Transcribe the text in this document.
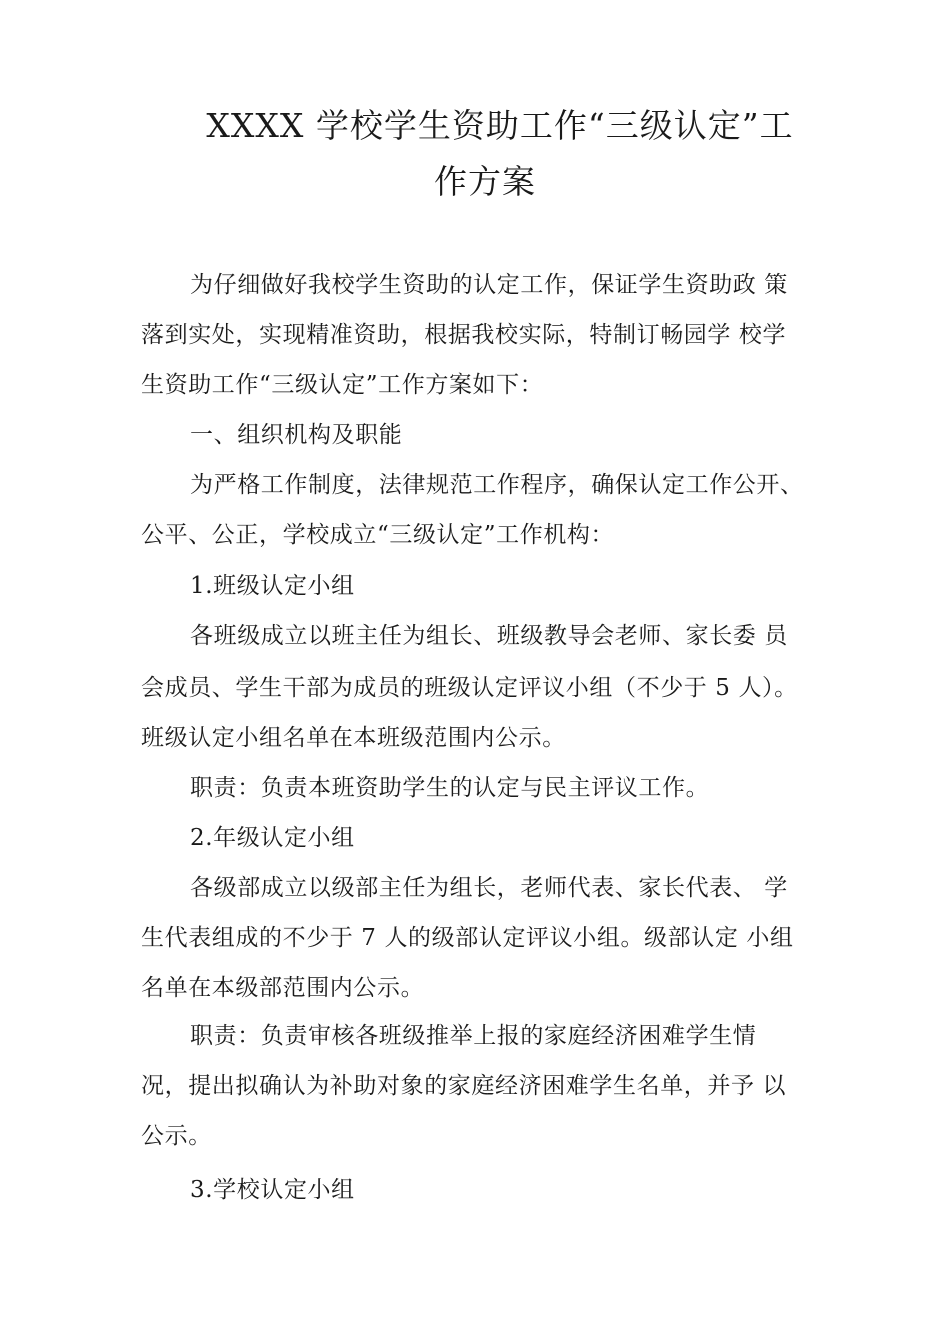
XXXX 学校学生资助工作“三级认定”工
作方案

为仔细做好我校学生资助的认定工作，保证学生资助政 策

落到实处，实现精准资助，根据我校实际，特制订畅园学 校学

生资助工作“三级认定”工作方案如下：

一、组织机构及职能

为严格工作制度，法律规范工作程序，确保认定工作公开、

公平、公正，学校成立“三级认定”工作机构：

1.班级认定小组

各班级成立以班主任为组长、班级教导会老师、家长委 员

会成员、学生干部为成员的班级认定评议小组（不少于 5 人）。

班级认定小组名单在本班级范围内公示。

职责：负责本班资助学生的认定与民主评议工作。

2.年级认定小组

各级部成立以级部主任为组长，老师代表、家长代表、 学

生代表组成的不少于 7 人的级部认定评议小组。级部认定 小组

名单在本级部范围内公示。

职责：负责审核各班级推举上报的家庭经济困难学生情

况，提出拟确认为补助对象的家庭经济困难学生名单，并予 以

公示。

3.学校认定小组
